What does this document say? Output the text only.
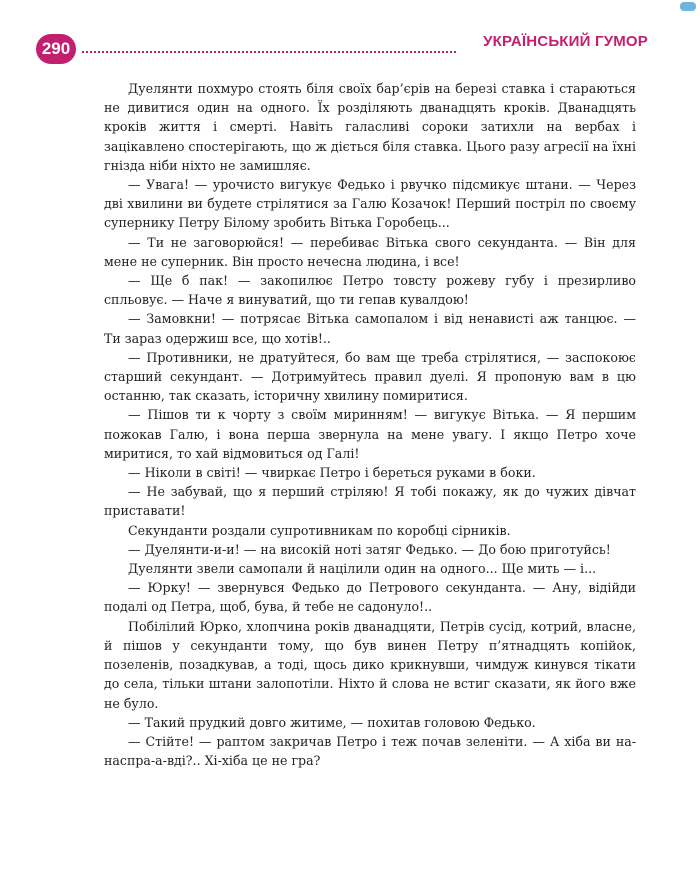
290	УКРАЇНСЬКИЙ ГУМОР

Дуелянти похмуро стоять біля своїх бар’єрів на березі ставка і стараються не дивитися один на одного. Їх розділяють дванадцять кроків. Дванадцять кроків життя і смерті. Навіть галасливі сороки затихли на вербах і зацікавлено спостерігають, що ж діється біля ставка. Цього разу агресії на їхні гнізда ніби ніхто не замишляє.

— Увага! — урочисто вигукує Федько і рвучко підсмикує штани. — Через дві хвилини ви будете стрілятися за Галю Козачок! Перший постріл по своєму супернику Петру Білому зробить Вітька Горобець...

— Ти не заговорюйся! — перебиває Вітька свого секунданта. — Він для мене не суперник. Він просто нечесна людина, і все!

— Ще б пак! — закопилює Петро товсту рожеву губу і презирливо спльовує. — Наче я винуватий, що ти гепав кувалдою!

— Замовкни! — потрясає Вітька самопалом і від ненависті аж танцює. — Ти зараз одержиш все, що хотів!..

— Противники, не дратуйтеся, бо вам ще треба стрілятися, — заспокоює старший секундант. — Дотримуйтесь правил дуелі. Я пропоную вам в цю останню, так сказать, історичну хвилину помиритися.

— Пішов ти к чорту з своїм миринням! — вигукує Вітька. — Я першим пожокав Галю, і вона перша звернула на мене увагу. І якщо Петро хоче миритися, то хай відмовиться од Галі!

— Ніколи в світі! — чвиркає Петро і береться руками в боки.

— Не забувай, що я перший стріляю! Я тобі покажу, як до чужих дівчат приставати!

Секунданти роздали супротивникам по коробці сірників.

— Дуелянти-и-и! — на високій ноті затяг Федько. — До бою приготуйсь!

Дуелянти звели самопали й націлили один на одного... Ще мить — і...

— Юрку! — звернувся Федько до Петрового секунданта. — Ану, відійди подалі од Петра, щоб, бува, й тебе не садонуло!..

Побілілий Юрко, хлопчина років дванадцяти, Петрів сусід, котрий, власне, й пішов у секунданти тому, що був винен Петру п’ятнадцять копійок, позеленів, позадкував, а тоді, щось дико крикнувши, чимдуж кинувся тікати до села, тільки штани залопотіли. Ніхто й слова не встиг сказати, як його вже не було.

— Такий прудкий довго житиме, — похитав головою Федько.

— Стійте! — раптом закричав Петро і теж почав зеленіти. — А хіба ви на-наспра-а-вді?.. Хі-хіба це не гра?
